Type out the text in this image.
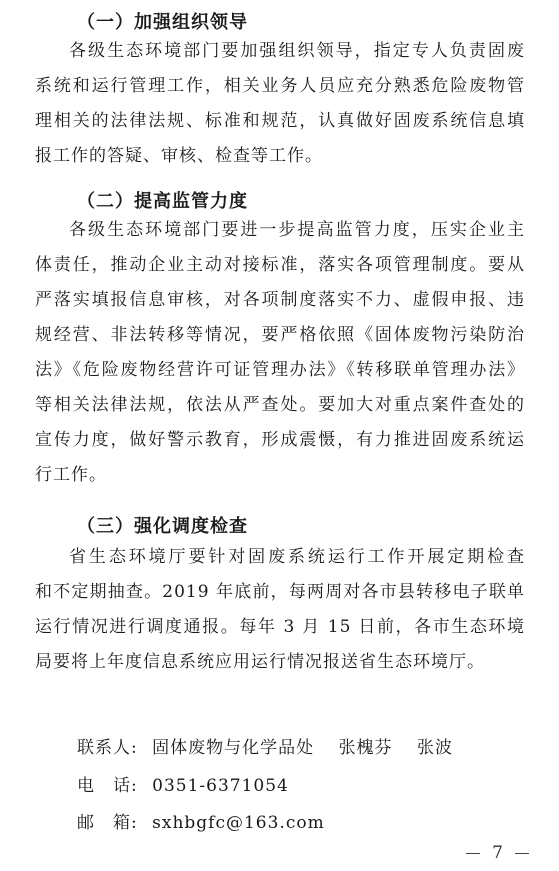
（一）加强组织领导
各级生态环境部门要加强组织领导，指定专人负责固废
系统和运行管理工作，相关业务人员应充分熟悉危险废物管
理相关的法律法规、标准和规范，认真做好固废系统信息填
报工作的答疑、审核、检查等工作。
（二）提高监管力度
各级生态环境部门要进一步提高监管力度，压实企业主
体责任，推动企业主动对接标准，落实各项管理制度。要从
严落实填报信息审核，对各项制度落实不力、虚假申报、违
规经营、非法转移等情况，要严格依照《固体废物污染防治
法》《危险废物经营许可证管理办法》《转移联单管理办法》
等相关法律法规，依法从严查处。要加大对重点案件查处的
宣传力度，做好警示教育，形成震慑，有力推进固废系统运
行工作。
（三）强化调度检查
省生态环境厅要针对固废系统运行工作开展定期检查
和不定期抽查。2019 年底前，每两周对各市县转移电子联单
运行情况进行调度通报。每年 3 月 15 日前，各市生态环境
局要将上年度信息系统应用运行情况报送省生态环境厅。
联系人: 固体废物与化学品处 张槐芬 张波
电　话: 0351-6371054
邮　箱: sxhbgfc@163.com
7
